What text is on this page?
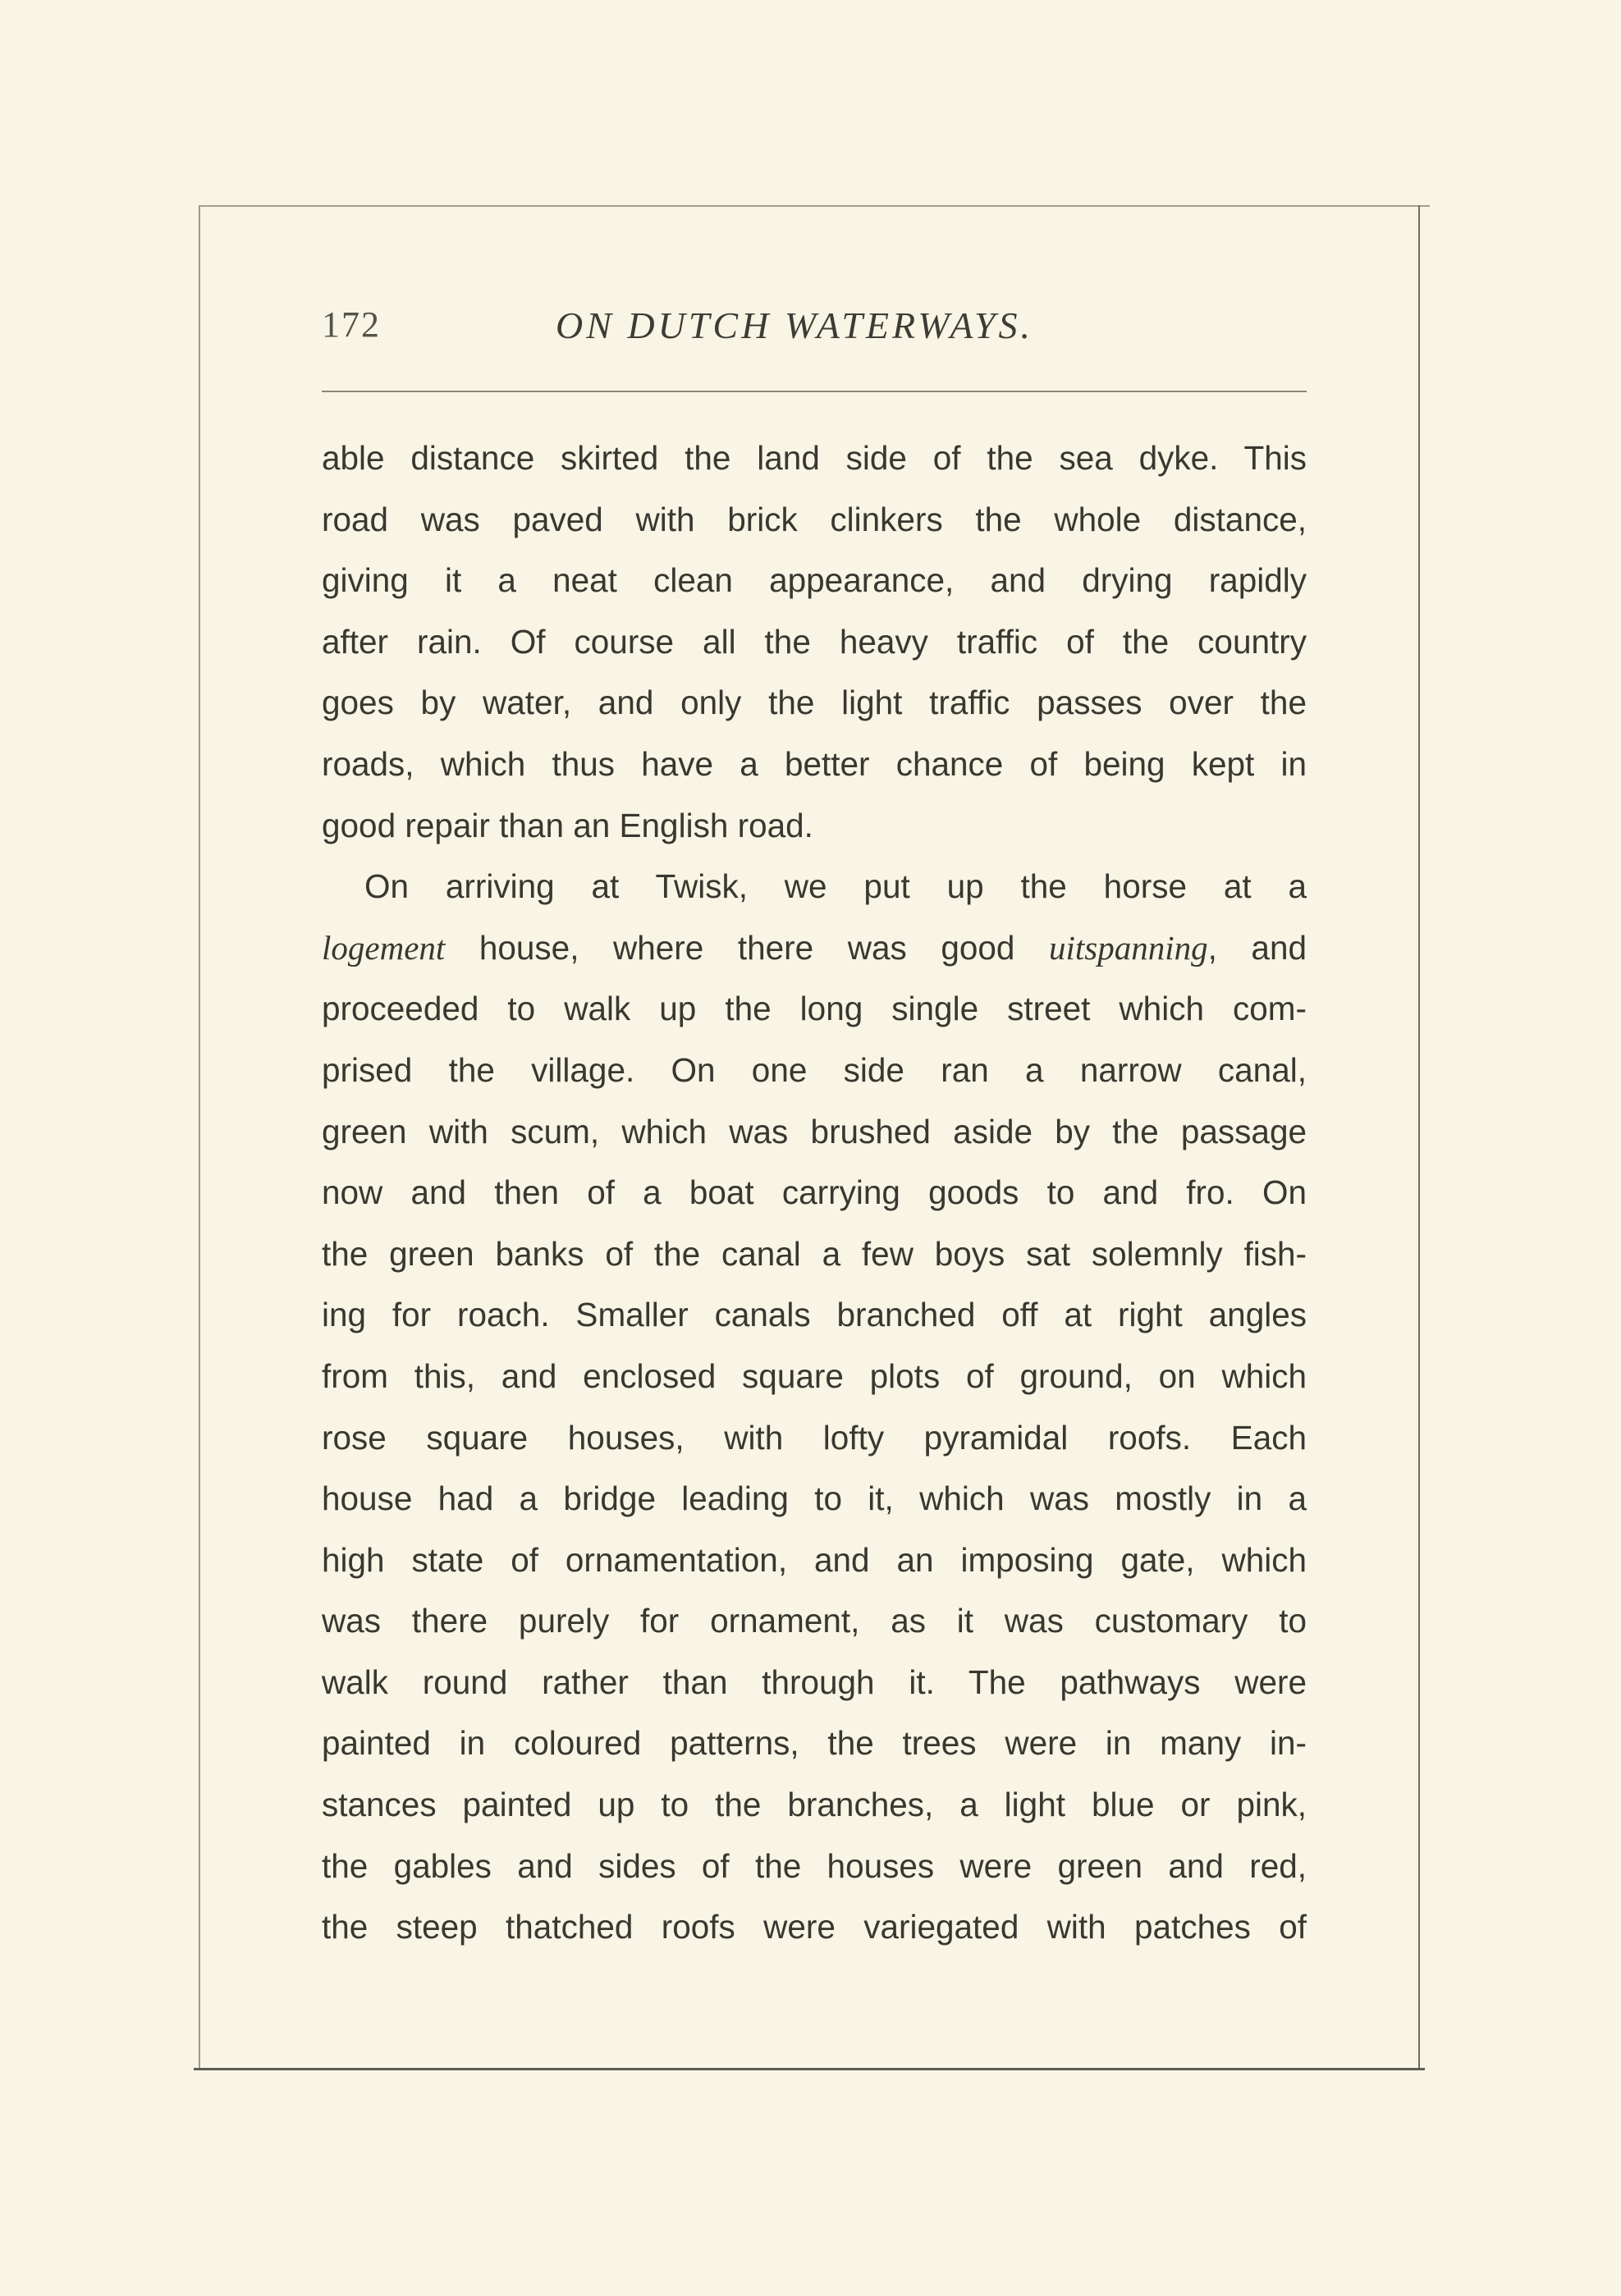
172	ON DUTCH WATERWAYS.
able distance skirted the land side of the sea dyke. This
road was paved with brick clinkers the whole distance,
giving it a neat clean appearance, and drying rapidly
after rain. Of course all the heavy traffic of the country
goes by water, and only the light traffic passes over the
roads, which thus have a better chance of being kept in
good repair than an English road.
On arriving at Twisk, we put up the horse at a
logement house, where there was good uitspanning, and
proceeded to walk up the long single street which com-
prised the village. On one side ran a narrow canal,
green with scum, which was brushed aside by the passage
now and then of a boat carrying goods to and fro. On
the green banks of the canal a few boys sat solemnly fish-
ing for roach. Smaller canals branched off at right angles
from this, and enclosed square plots of ground, on which
rose square houses, with lofty pyramidal roofs. Each
house had a bridge leading to it, which was mostly in a
high state of ornamentation, and an imposing gate, which
was there purely for ornament, as it was customary to
walk round rather than through it. The pathways were
painted in coloured patterns, the trees were in many in-
stances painted up to the branches, a light blue or pink,
the gables and sides of the houses were green and red,
the steep thatched roofs were variegated with patches of
